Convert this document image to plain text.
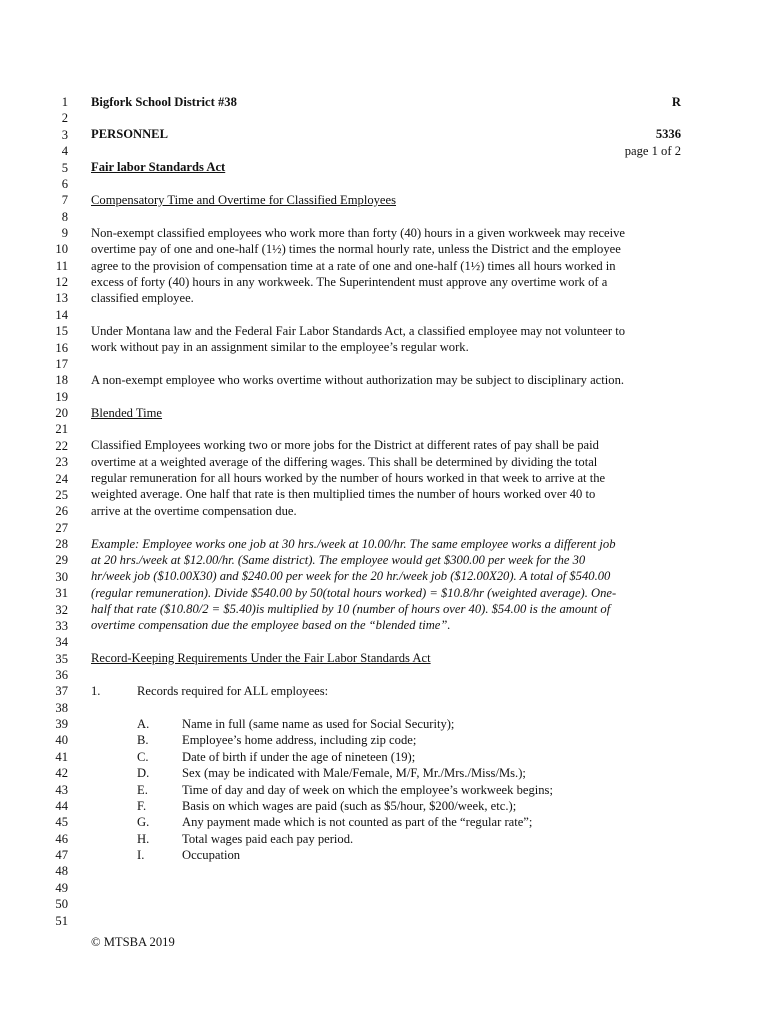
1
2
3
4
5
6
7
8
9
10
11
12
13
14
15
16
17
18
19
20
21
22
23
24
25
26
27
28
29
30
31
32
33
34
35
36
37
38
39
40
41
42
43
44
45
46
47
48
49
50
51
Bigfork School District #38	R
PERSONNEL	5336
page 1 of 2
Fair labor Standards Act
Compensatory Time and Overtime for Classified Employees
Non-exempt classified employees who work more than forty (40) hours in a given workweek may receive
overtime pay of one and one-half (1½) times the normal hourly rate, unless the District and the employee
agree to the provision of compensation time at a rate of one and one-half (1½) times all hours worked in
excess of forty (40) hours in any workweek. The Superintendent must approve any overtime work of a
classified employee.
Under Montana law and the Federal Fair Labor Standards Act, a classified employee may not volunteer to
work without pay in an assignment similar to the employee’s regular work.
A non-exempt employee who works overtime without authorization may be subject to disciplinary action.
Blended Time
Classified Employees working two or more jobs for the District at different rates of pay shall be paid
overtime at a weighted average of the differing wages. This shall be determined by dividing the total
regular remuneration for all hours worked by the number of hours worked in that week to arrive at the
weighted average. One half that rate is then multiplied times the number of hours worked over 40 to
arrive at the overtime compensation due.
Example: Employee works one job at 30 hrs./week at 10.00/hr. The same employee works a different job
at 20 hrs./week at $12.00/hr. (Same district). The employee would get $300.00 per week for the 30
hr/week job ($10.00X30) and $240.00 per week for the 20 hr./week job ($12.00X20). A total of $540.00
(regular remuneration). Divide $540.00 by 50(total hours worked) = $10.8/hr (weighted average). One-
half that rate ($10.80/2 = $5.40)is multiplied by 10 (number of hours over 40). $54.00 is the amount of
overtime compensation due the employee based on the “blended time”.
Record-Keeping Requirements Under the Fair Labor Standards Act
1.	Records required for ALL employees:
A.	Name in full (same name as used for Social Security);
B.	Employee’s home address, including zip code;
C.	Date of birth if under the age of nineteen (19);
D.	Sex (may be indicated with Male/Female, M/F, Mr./Mrs./Miss/Ms.);
E.	Time of day and day of week on which the employee’s workweek begins;
F.	Basis on which wages are paid (such as $5/hour, $200/week, etc.);
G.	Any payment made which is not counted as part of the “regular rate”;
H.	Total wages paid each pay period.
I.	Occupation
© MTSBA 2019
